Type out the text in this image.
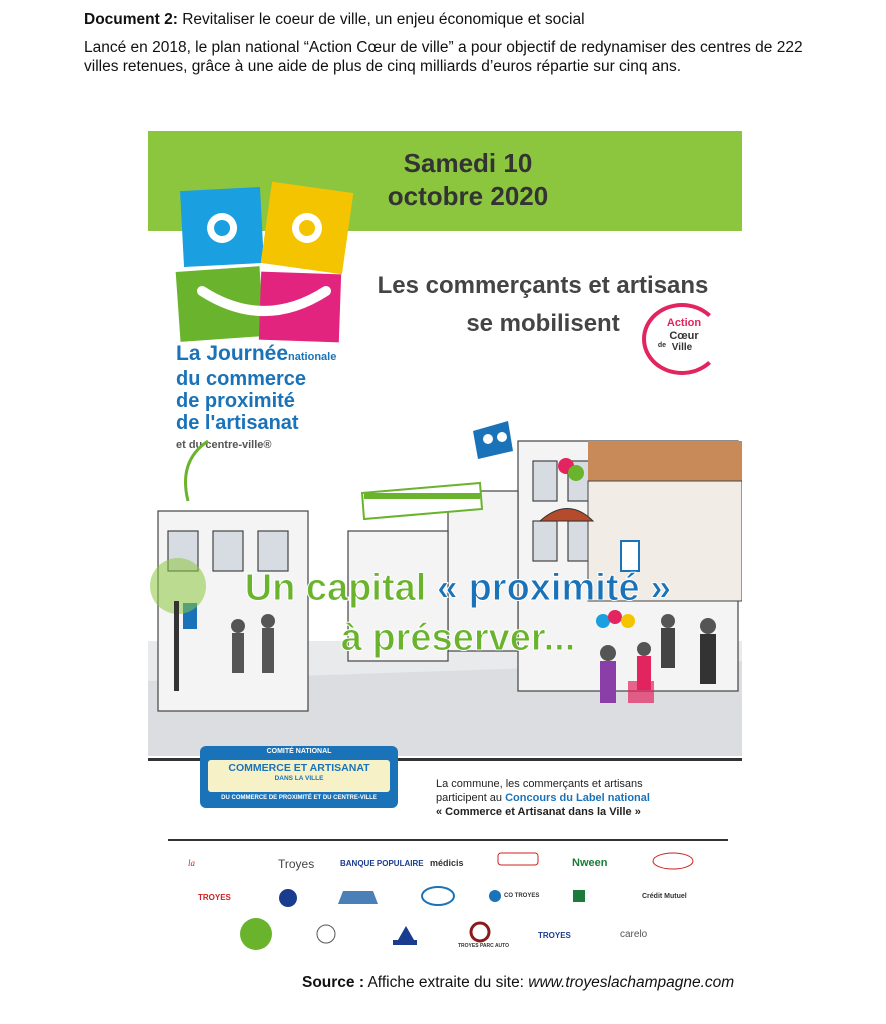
Document 2: Revitaliser le coeur de ville, un enjeu économique et social
Lancé en 2018, le plan national “Action Cœur de ville” a pour objectif de redynamiser des centres de 222 villes retenues, grâce à une aide de plus de cinq milliards d’euros répartie sur cinq ans.
Samedi 10
octobre 2020
La Journéenationale
du commerce
de proximité
de l'artisanat
et du centre-ville®
Les commerçants et artisans
se mobilisent	Action
Cœur
de Ville
Un capital « proximité »
à préserver...
COMITÉ NATIONAL
COMMERCE ET ARTISANAT
DANS LA VILLE
DU COMMERCE DE PROXIMITÉ ET DU CENTRE-VILLE
La commune, les commerçants et artisans
participent au Concours du Label national
« Commerce et Artisanat dans la Ville »
Troyes	BANQUE POPULAIRE médicis	Nween
TROYES	CO TROYES	Crédit Mutuel
TROYES PARC AUTO
TROYES	carelo
la
Source : Affiche extraite du site: www.troyeslachampagne.com
